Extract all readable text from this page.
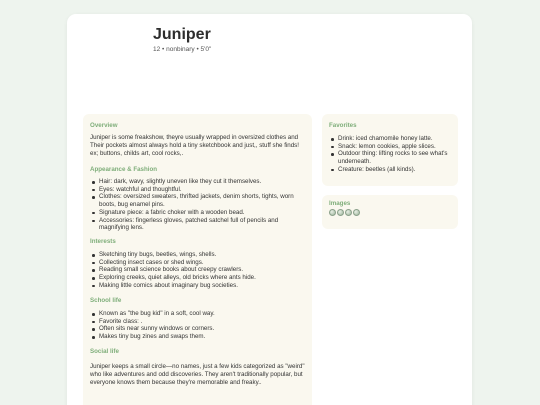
Juniper
12 • nonbinary • 5'0"
Overview
Juniper is some freakshow, theyre usually wrapped in oversized clothes and Their pockets almost always hold a tiny sketchbook and just,, stuff she finds! ex; buttons, childs art, cool rocks,.
Appearance & Fashion
Hair: dark, wavy, slightly uneven like they cut it themselves.
Eyes: watchful and thoughtful.
Clothes: oversized sweaters, thrifted jackets, denim shorts, tights, worn boots, bug enamel pins.
Signature piece: a fabric choker with a wooden bead.
Accessories: fingerless gloves, patched satchel full of pencils and magnifying lens.
Interests
Sketching tiny bugs, beetles, wings, shells.
Collecting insect cases or shed wings.
Reading small science books about creepy crawlers.
Exploring creeks, quiet alleys, old bricks where ants hide.
Making little comics about imaginary bug societies.
School life
Known as "the bug kid" in a soft, cool way.
Favorite class: .
Often sits near sunny windows or corners.
Makes tiny bug zines and swaps them.
Social life
Juniper keeps a small circle—no names, just a few kids categorized as "weird" who like adventures and odd discoveries. They aren't traditionally popular, but everyone knows them because they're memorable and freaky..
Favorites
Drink: iced chamomile honey latte.
Snack: lemon cookies, apple slices.
Outdoor thing: lifting rocks to see what's underneath.
Creature: beetles (all kinds).
Images
